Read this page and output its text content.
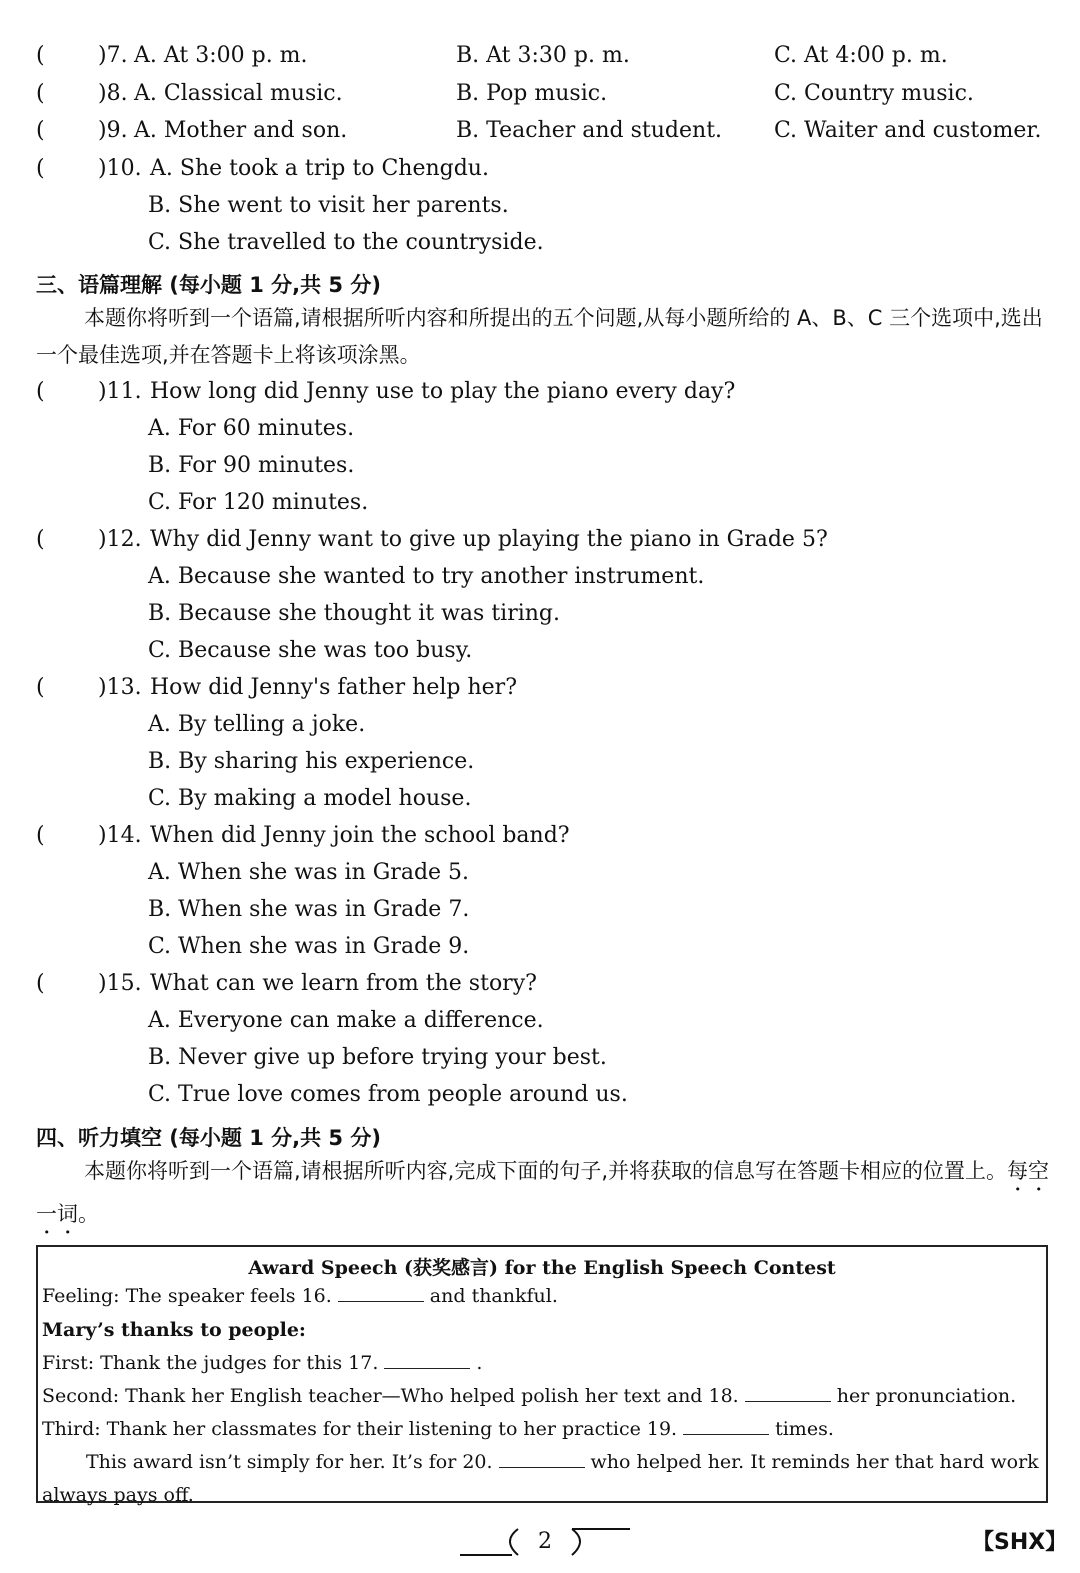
( )7. A. At 3:00 p. m.	B. At 3:30 p. m.	C. At 4:00 p. m.
( )8. A. Classical music.	B. Pop music.	C. Country music.
( )9. A. Mother and son.	B. Teacher and student. C. Waiter and customer.
( )10. A. She took a trip to Chengdu.
B. She went to visit her parents.
C. She travelled to the countryside.
三、语篇理解 (每小题 1 分,共 5 分)
本题你将听到一个语篇,请根据所听内容和所提出的五个问题,从每小题所给的 A、B、C 三个选项中,选出一个最佳选项,并在答题卡上将该项涂黑。
( )11. How long did Jenny use to play the piano every day?
A. For 60 minutes.
B. For 90 minutes.
C. For 120 minutes.
( )12. Why did Jenny want to give up playing the piano in Grade 5?
A. Because she wanted to try another instrument.
B. Because she thought it was tiring.
C. Because she was too busy.
( )13. How did Jenny's father help her?
A. By telling a joke.
B. By sharing his experience.
C. By making a model house.
( )14. When did Jenny join the school band?
A. When she was in Grade 5.
B. When she was in Grade 7.
C. When she was in Grade 9.
( )15. What can we learn from the story?
A. Everyone can make a difference.
B. Never give up before trying your best.
C. True love comes from people around us.
四、听力填空 (每小题 1 分,共 5 分)
本题你将听到一个语篇,请根据所听内容,完成下面的句子,并将获取的信息写在答题卡相应的位置上。每空一词。
Award Speech (获奖感言) for the English Speech Contest
Feeling: The speaker feels 16.	and thankful.
Mary’s thanks to people:
First: Thank the judges for this 17.	.
Second: Thank her English teacher—Who helped polish her text and 18.	her pronunciation.
Third: Thank her classmates for their listening to her practice 19.	times.
This award isn’t simply for her. It’s for 20.	who helped her. It reminds her that hard work
always pays off.
2	【SHX】
